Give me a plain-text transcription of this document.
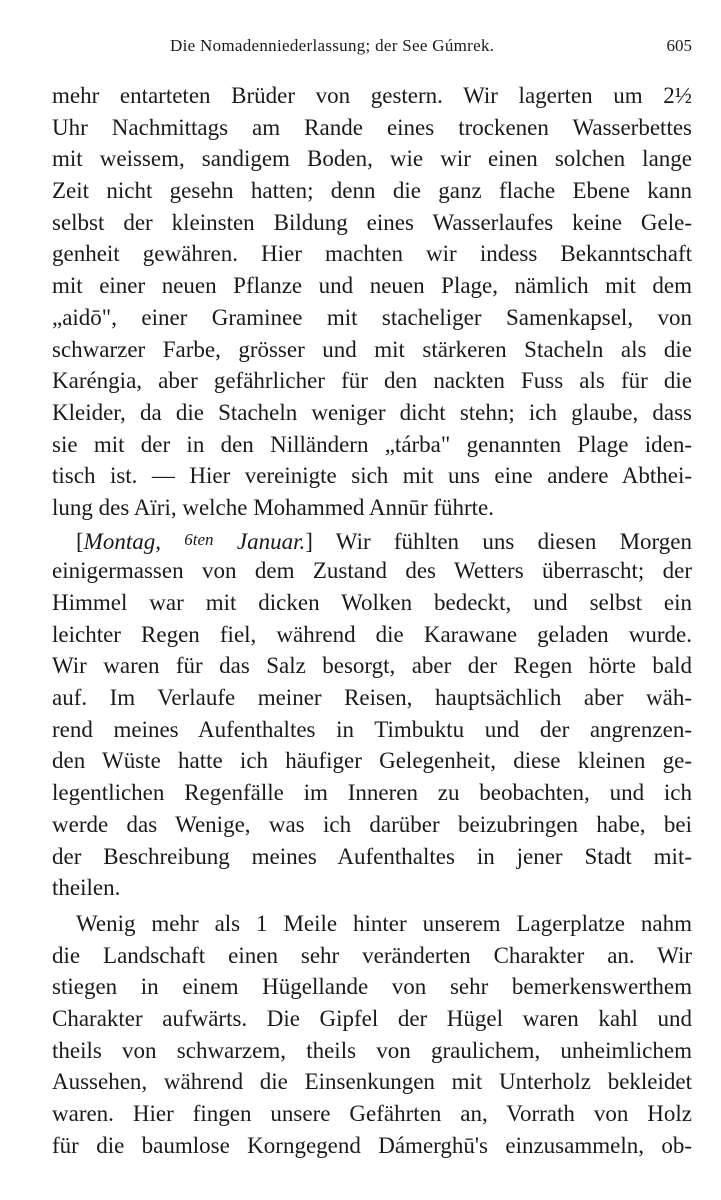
Die Nomadenniederlassung; der See Gúmrek.	605
mehr entarteten Brüder von gestern. Wir lagerten um 2½
Uhr Nachmittags am Rande eines trockenen Wasserbettes
mit weissem, sandigem Boden, wie wir einen solchen lange
Zeit nicht gesehn hatten; denn die ganz flache Ebene kann
selbst der kleinsten Bildung eines Wasserlaufes keine Gele-
genheit gewähren. Hier machten wir indess Bekanntschaft
mit einer neuen Pflanze und neuen Plage, nämlich mit dem
„aidō", einer Graminee mit stacheliger Samenkapsel, von
schwarzer Farbe, grösser und mit stärkeren Stacheln als die
Karéngia, aber gefährlicher für den nackten Fuss als für die
Kleider, da die Stacheln weniger dicht stehn; ich glaube, dass
sie mit der in den Nilländern „tárba" genannten Plage iden-
tisch ist. — Hier vereinigte sich mit uns eine andere Abthei-
lung des Aïri, welche Mohammed Annūr führte.
[Montag, 6ten Januar.] Wir fühlten uns diesen Morgen
einigermassen von dem Zustand des Wetters überrascht; der
Himmel war mit dicken Wolken bedeckt, und selbst ein
leichter Regen fiel, während die Karawane geladen wurde.
Wir waren für das Salz besorgt, aber der Regen hörte bald
auf. Im Verlaufe meiner Reisen, hauptsächlich aber wäh-
rend meines Aufenthaltes in Timbuktu und der angrenzen-
den Wüste hatte ich häufiger Gelegenheit, diese kleinen ge-
legentlichen Regenfälle im Inneren zu beobachten, und ich
werde das Wenige, was ich darüber beizubringen habe, bei
der Beschreibung meines Aufenthaltes in jener Stadt mit-
theilen.
Wenig mehr als 1 Meile hinter unserem Lagerplatze nahm
die Landschaft einen sehr veränderten Charakter an. Wir
stiegen in einem Hügellande von sehr bemerkenswerthem
Charakter aufwärts. Die Gipfel der Hügel waren kahl und
theils von schwarzem, theils von graulichem, unheimlichem
Aussehen, während die Einsenkungen mit Unterholz bekleidet
waren. Hier fingen unsere Gefährten an, Vorrath von Holz
für die baumlose Korngegend Dámerghū's einzusammeln, ob-
